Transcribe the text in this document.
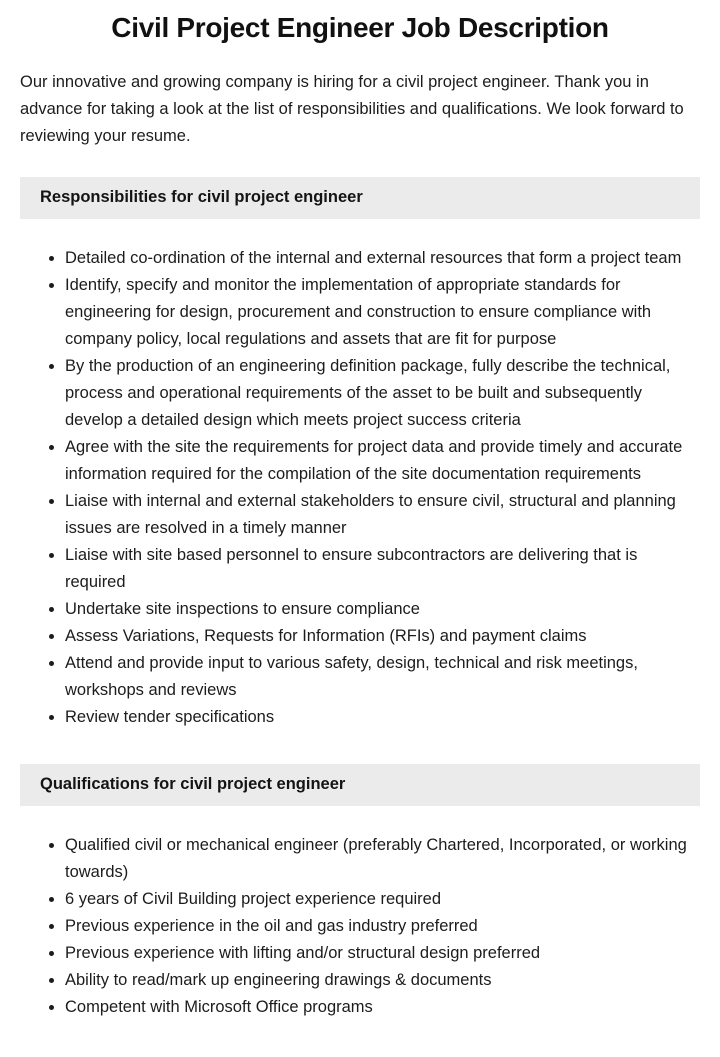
Civil Project Engineer Job Description

Our innovative and growing company is hiring for a civil project engineer. Thank you in advance for taking a look at the list of responsibilities and qualifications. We look forward to reviewing your resume.

Responsibilities for civil project engineer
Detailed co-ordination of the internal and external resources that form a project team
Identify, specify and monitor the implementation of appropriate standards for engineering for design, procurement and construction to ensure compliance with company policy, local regulations and assets that are fit for purpose
By the production of an engineering definition package, fully describe the technical, process and operational requirements of the asset to be built and subsequently develop a detailed design which meets project success criteria
Agree with the site the requirements for project data and provide timely and accurate information required for the compilation of the site documentation requirements
Liaise with internal and external stakeholders to ensure civil, structural and planning issues are resolved in a timely manner
Liaise with site based personnel to ensure subcontractors are delivering that is required
Undertake site inspections to ensure compliance
Assess Variations, Requests for Information (RFIs) and payment claims
Attend and provide input to various safety, design, technical and risk meetings, workshops and reviews
Review tender specifications
Qualifications for civil project engineer
Qualified civil or mechanical engineer (preferably Chartered, Incorporated, or working towards)
6 years of Civil Building project experience required
Previous experience in the oil and gas industry preferred
Previous experience with lifting and/or structural design preferred
Ability to read/mark up engineering drawings & documents
Competent with Microsoft Office programs
